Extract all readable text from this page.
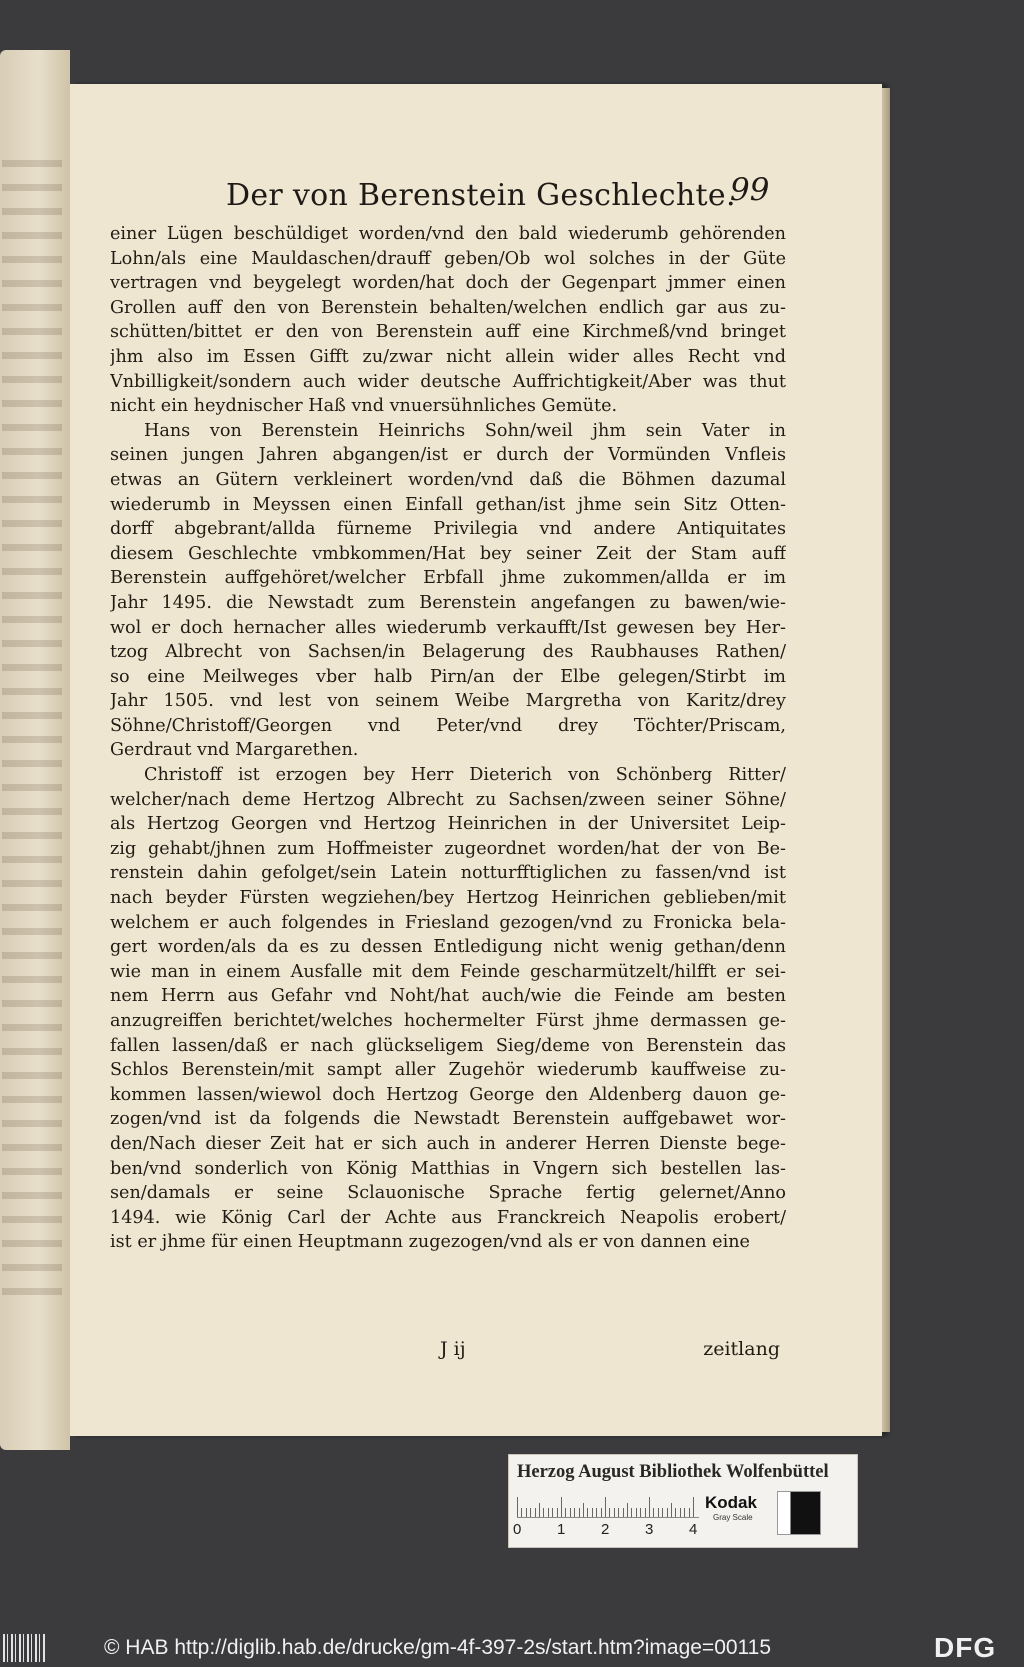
Der von Berenstein Geschlechte.
99
einer Lügen beschüldiget worden/vnd den bald wiederumb gehörenden
Lohn/als eine Mauldaschen/drauff geben/Ob wol solches in der Güte
vertragen vnd beygelegt worden/hat doch der Gegenpart jmmer einen
Grollen auff den von Berenstein behalten/welchen endlich gar aus zu-
schütten/bittet er den von Berenstein auff eine Kirchmeß/vnd bringet
jhm also im Essen Gifft zu/zwar nicht allein wider alles Recht vnd
Vnbilligkeit/sondern auch wider deutsche Auffrichtigkeit/Aber was thut
nicht ein heydnischer Haß vnd vnuersühnliches Gemüte.
Hans von Berenstein Heinrichs Sohn/weil jhm sein Vater in
seinen jungen Jahren abgangen/ist er durch der Vormünden Vnfleis
etwas an Gütern verkleinert worden/vnd daß die Böhmen dazumal
wiederumb in Meyssen einen Einfall gethan/ist jhme sein Sitz Otten-
dorff abgebrant/allda fürneme Privilegia vnd andere Antiquitates
diesem Geschlechte vmbkommen/Hat bey seiner Zeit der Stam auff
Berenstein auffgehöret/welcher Erbfall jhme zukommen/allda er im
Jahr 1495. die Newstadt zum Berenstein angefangen zu bawen/wie-
wol er doch hernacher alles wiederumb verkaufft/Ist gewesen bey Her-
tzog Albrecht von Sachsen/in Belagerung des Raubhauses Rathen/
so eine Meilweges vber halb Pirn/an der Elbe gelegen/Stirbt im
Jahr 1505. vnd lest von seinem Weibe Margretha von Karitz/drey
Söhne/Christoff/Georgen vnd Peter/vnd drey Töchter/Priscam,
Gerdraut vnd Margarethen.
Christoff ist erzogen bey Herr Dieterich von Schönberg Ritter/
welcher/nach deme Hertzog Albrecht zu Sachsen/zween seiner Söhne/
als Hertzog Georgen vnd Hertzog Heinrichen in der Universitet Leip-
zig gehabt/jhnen zum Hoffmeister zugeordnet worden/hat der von Be-
renstein dahin gefolget/sein Latein notturfftiglichen zu fassen/vnd ist
nach beyder Fürsten wegziehen/bey Hertzog Heinrichen geblieben/mit
welchem er auch folgendes in Friesland gezogen/vnd zu Fronicka bela-
gert worden/als da es zu dessen Entledigung nicht wenig gethan/denn
wie man in einem Ausfalle mit dem Feinde gescharmützelt/hilfft er sei-
nem Herrn aus Gefahr vnd Noht/hat auch/wie die Feinde am besten
anzugreiffen berichtet/welches hochermelter Fürst jhme dermassen ge-
fallen lassen/daß er nach glückseligem Sieg/deme von Berenstein das
Schlos Berenstein/mit sampt aller Zugehör wiederumb kauffweise zu-
kommen lassen/wiewol doch Hertzog George den Aldenberg dauon ge-
zogen/vnd ist da folgends die Newstadt Berenstein auffgebawet wor-
den/Nach dieser Zeit hat er sich auch in anderer Herren Dienste bege-
ben/vnd sonderlich von König Matthias in Vngern sich bestellen las-
sen/damals er seine Sclauonische Sprache fertig gelernet/Anno
1494. wie König Carl der Achte aus Franckreich Neapolis erobert/
ist er jhme für einen Heuptmann zugezogen/vnd als er von dannen eine
J ij	zeitlang
Herzog August Bibliothek Wolfenbüttel
0 1 2 3 4
Kodak
Gray Scale
© HAB http://diglib.hab.de/drucke/gm-4f-397-2s/start.htm?image=00115	DFG
